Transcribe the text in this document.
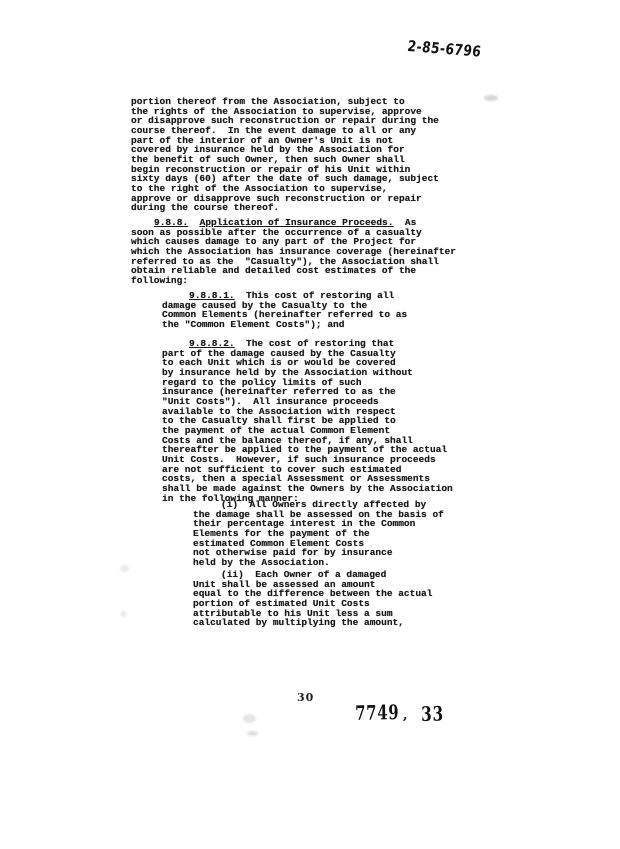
2-85-6796
portion thereof from the Association, subject to
the rights of the Association to supervise, approve
or disapprove such reconstruction or repair during the
course thereof.  In the event damage to all or any
part of the interior of an Owner's Unit is not
covered by insurance held by the Association for
the benefit of such Owner, then such Owner shall
begin reconstruction or repair of his Unit within
sixty days (60) after the date of such damage, subject
to the right of the Association to supervise,
approve or disapprove such reconstruction or repair
during the course thereof.
9.8.8. Application of Insurance Proceeds.  As
soon as possible after the occurrence of a casualty
which causes damage to any part of the Project for
which the Association has insurance coverage (hereinafter
referred to as the  "Casualty"), the Association shall
obtain reliable and detailed cost estimates of the
following:
9.8.8.1.  This cost of restoring all
damage caused by the Casualty to the
Common Elements (hereinafter referred to as
the "Common Element Costs"); and
9.8.8.2.  The cost of restoring that
part of the damage caused by the Casualty
to each Unit which is or would be covered
by insurance held by the Association without
regard to the policy limits of such
insurance (hereinafter referred to as the
"Unit Costs").  All insurance proceeds
available to the Association with respect
to the Casualty shall first be applied to
the payment of the actual Common Element
Costs and the balance thereof, if any, shall
thereafter be applied to the payment of the actual
Unit Costs.  However, if such insurance proceeds
are not sufficient to cover such estimated
costs, then a special Assessment or Assessments
shall be made against the Owners by the Association
in the following manner:
(i)  All Owners directly affected by
the damage shall be assessed on the basis of
their percentage interest in the Common
Elements for the payment of the
estimated Common Element Costs
not otherwise paid for by insurance
held by the Association.
(ii)  Each Owner of a damaged
Unit shall be assessed an amount
equal to the difference between the actual
portion of estimated Unit Costs
attributable to his Unit less a sum
calculated by multiplying the amount,
30
7749 , 33
